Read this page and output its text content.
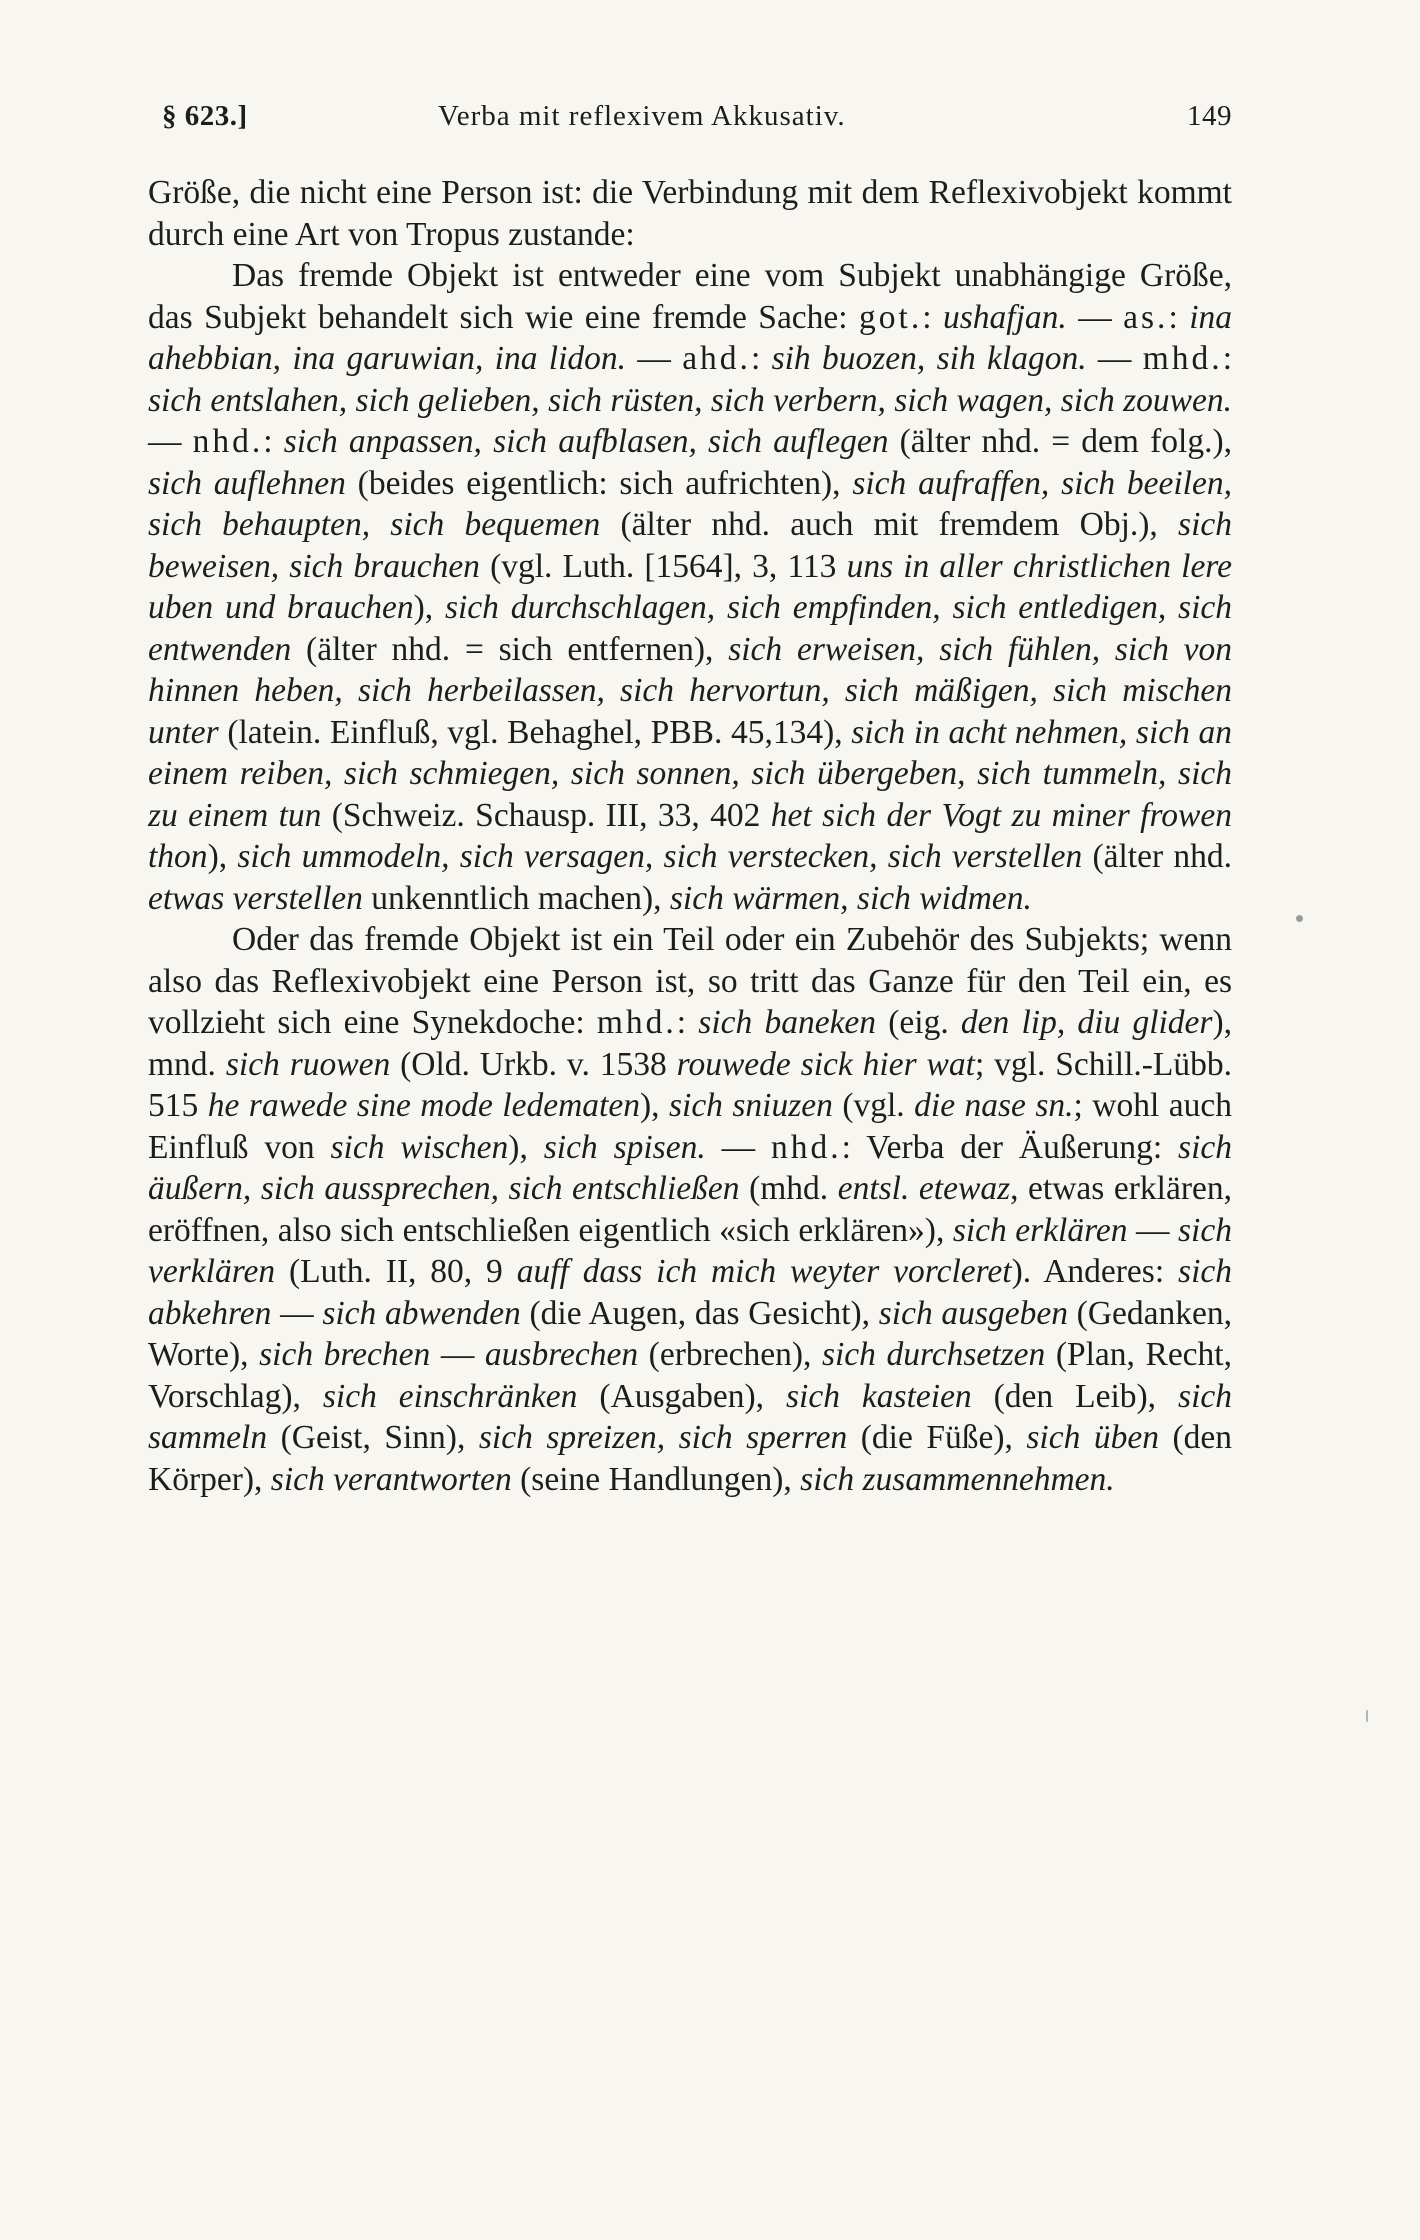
§ 623.]	Verba mit reflexivem Akkusativ.	149

Größe, die nicht eine Person ist: die Verbindung mit dem Reflexivobjekt kommt durch eine Art von Tropus zustande:

Das fremde Objekt ist entweder eine vom Subjekt unabhängige Größe, das Subjekt behandelt sich wie eine fremde Sache: got.: ushafjan. — as.: ina ahebbian, ina garuwian, ina lidon. — ahd.: sih buozen, sih klagon. — mhd.: sich entslahen, sich gelieben, sich rüsten, sich verbern, sich wagen, sich zouwen. — nhd.: sich anpassen, sich aufblasen, sich auflegen (älter nhd. = dem folg.), sich auflehnen (beides eigentlich: sich aufrichten), sich aufraffen, sich beeilen, sich behaupten, sich bequemen (älter nhd. auch mit fremdem Obj.), sich beweisen, sich brauchen (vgl. Luth. [1564], 3, 113 uns in aller christlichen lere uben und brauchen), sich durchschlagen, sich empfinden, sich entledigen, sich entwenden (älter nhd. = sich entfernen), sich erweisen, sich fühlen, sich von hinnen heben, sich herbeilassen, sich hervortun, sich mäßigen, sich mischen unter (latein. Einfluß, vgl. Behaghel, PBB. 45,134), sich in acht nehmen, sich an einem reiben, sich schmiegen, sich sonnen, sich übergeben, sich tummeln, sich zu einem tun (Schweiz. Schausp. III, 33, 402 het sich der Vogt zu miner frowen thon), sich ummodeln, sich versagen, sich verstecken, sich verstellen (älter nhd. etwas verstellen unkenntlich machen), sich wärmen, sich widmen.

Oder das fremde Objekt ist ein Teil oder ein Zubehör des Subjekts; wenn also das Reflexivobjekt eine Person ist, so tritt das Ganze für den Teil ein, es vollzieht sich eine Synekdoche: mhd.: sich baneken (eig. den lip, diu glider), mnd. sich ruowen (Old. Urkb. v. 1538 rouwede sick hier wat; vgl. Schill.-Lübb. 515 he rawede sine mode ledematen), sich sniuzen (vgl. die nase sn.; wohl auch Einfluß von sich wischen), sich spisen. — nhd.: Verba der Äußerung: sich äußern, sich aussprechen, sich entschließen (mhd. entsl. etewaz, etwas erklären, eröffnen, also sich entschließen eigentlich «sich erklären»), sich erklären — sich verklären (Luth. II, 80, 9 auff dass ich mich weyter vorcleret). Anderes: sich abkehren — sich abwenden (die Augen, das Gesicht), sich ausgeben (Gedanken, Worte), sich brechen — ausbrechen (erbrechen), sich durchsetzen (Plan, Recht, Vorschlag), sich einschränken (Ausgaben), sich kasteien (den Leib), sich sammeln (Geist, Sinn), sich spreizen, sich sperren (die Füße), sich üben (den Körper), sich verantworten (seine Handlungen), sich zusammennehmen.
